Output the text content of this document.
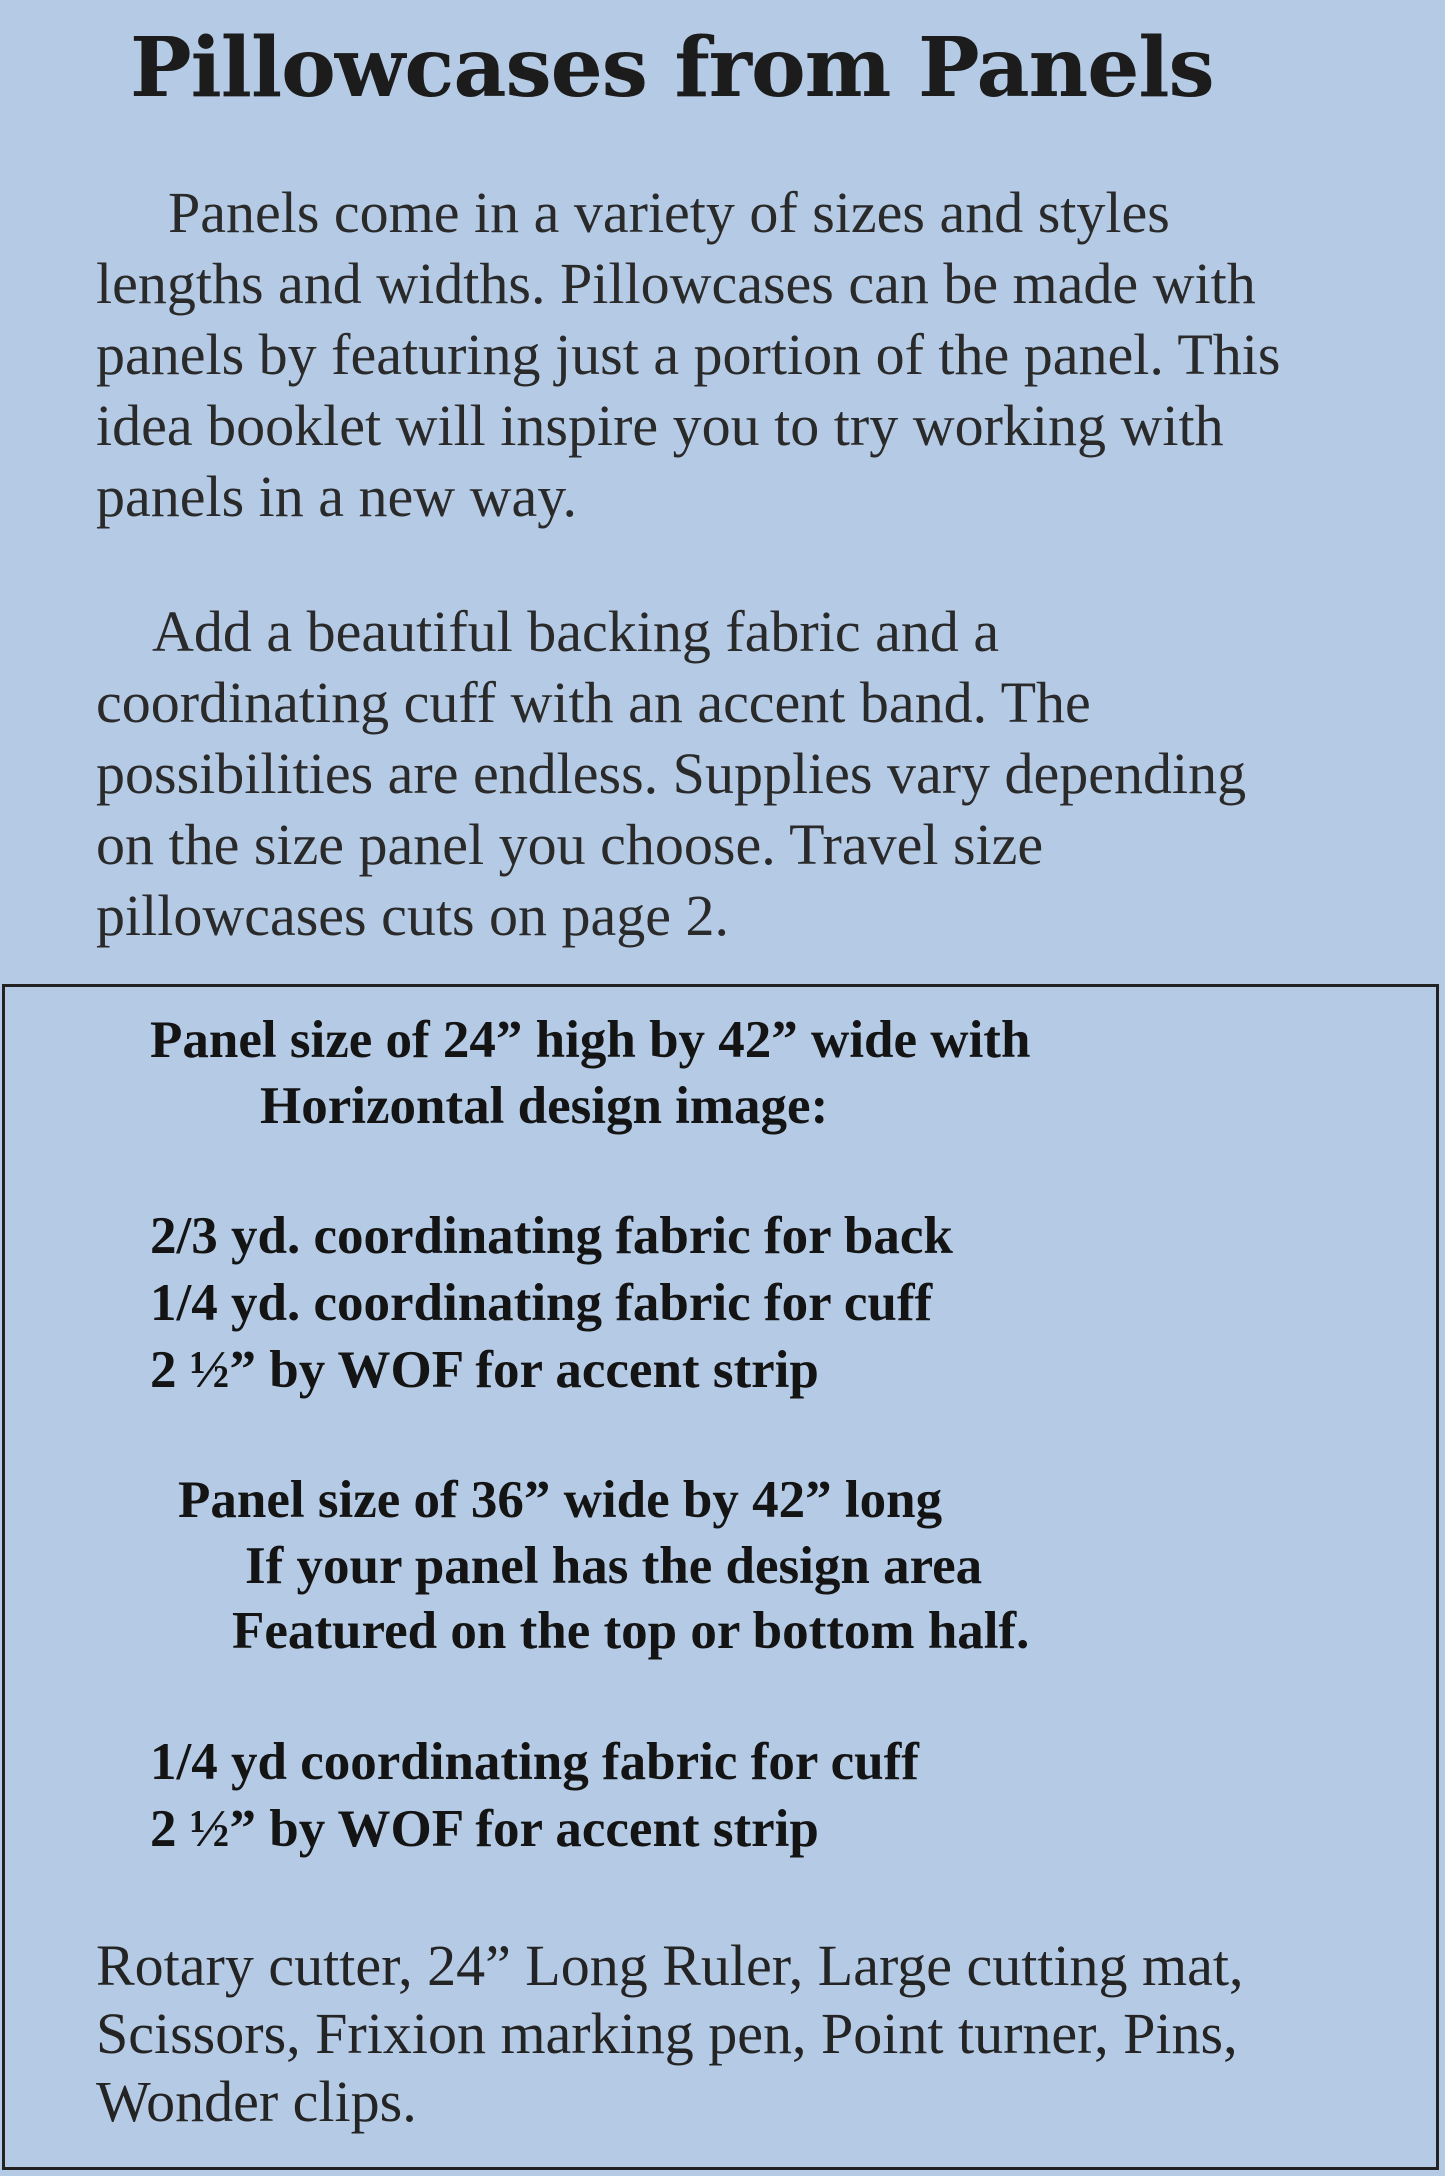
Pillowcases from Panels
Panels come in a variety of sizes and styles
lengths and widths. Pillowcases can be made with
panels by featuring just a portion of the panel. This
idea booklet will inspire you to try working with
panels in a new way.
Add a beautiful backing fabric and a
coordinating cuff with an accent band. The
possibilities are endless. Supplies vary depending
on the size panel you choose. Travel size
pillowcases cuts on page 2.
Panel size of 24” high by 42” wide with
Horizontal design image:
2/3 yd. coordinating fabric for back
1/4 yd. coordinating fabric for cuff
2 ½” by WOF for accent strip
Panel size of 36” wide by 42” long
If your panel has the design area
Featured on the top or bottom half.
1/4 yd coordinating fabric for cuff
2 ½” by WOF for accent strip
Rotary cutter, 24” Long Ruler, Large cutting mat,
Scissors, Frixion marking pen, Point turner, Pins,
Wonder clips.
